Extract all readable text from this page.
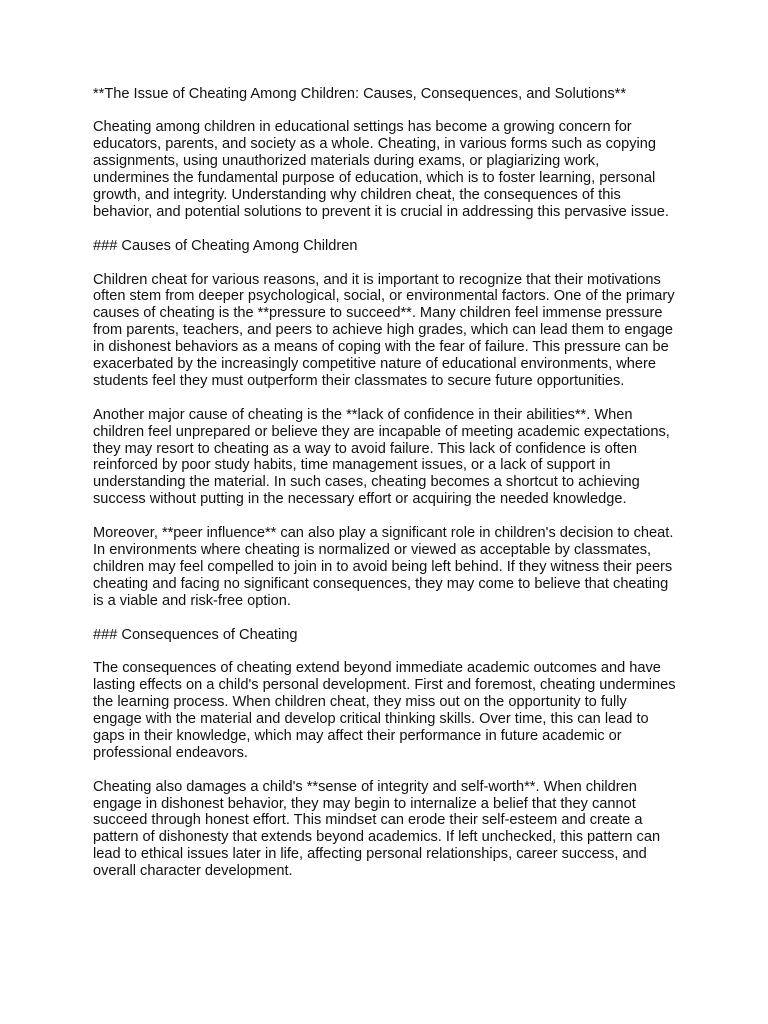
**The Issue of Cheating Among Children: Causes, Consequences, and Solutions**

Cheating among children in educational settings has become a growing concern for educators, parents, and society as a whole. Cheating, in various forms such as copying assignments, using unauthorized materials during exams, or plagiarizing work, undermines the fundamental purpose of education, which is to foster learning, personal growth, and integrity. Understanding why children cheat, the consequences of this behavior, and potential solutions to prevent it is crucial in addressing this pervasive issue.

### Causes of Cheating Among Children

Children cheat for various reasons, and it is important to recognize that their motivations often stem from deeper psychological, social, or environmental factors. One of the primary causes of cheating is the **pressure to succeed**. Many children feel immense pressure from parents, teachers, and peers to achieve high grades, which can lead them to engage in dishonest behaviors as a means of coping with the fear of failure. This pressure can be exacerbated by the increasingly competitive nature of educational environments, where students feel they must outperform their classmates to secure future opportunities.

Another major cause of cheating is the **lack of confidence in their abilities**. When children feel unprepared or believe they are incapable of meeting academic expectations, they may resort to cheating as a way to avoid failure. This lack of confidence is often reinforced by poor study habits, time management issues, or a lack of support in understanding the material. In such cases, cheating becomes a shortcut to achieving success without putting in the necessary effort or acquiring the needed knowledge.

Moreover, **peer influence** can also play a significant role in children's decision to cheat. In environments where cheating is normalized or viewed as acceptable by classmates, children may feel compelled to join in to avoid being left behind. If they witness their peers cheating and facing no significant consequences, they may come to believe that cheating is a viable and risk-free option.

### Consequences of Cheating

The consequences of cheating extend beyond immediate academic outcomes and have lasting effects on a child's personal development. First and foremost, cheating undermines the learning process. When children cheat, they miss out on the opportunity to fully engage with the material and develop critical thinking skills. Over time, this can lead to gaps in their knowledge, which may affect their performance in future academic or professional endeavors.

Cheating also damages a child's **sense of integrity and self-worth**. When children engage in dishonest behavior, they may begin to internalize a belief that they cannot succeed through honest effort. This mindset can erode their self-esteem and create a pattern of dishonesty that extends beyond academics. If left unchecked, this pattern can lead to ethical issues later in life, affecting personal relationships, career success, and overall character development.
